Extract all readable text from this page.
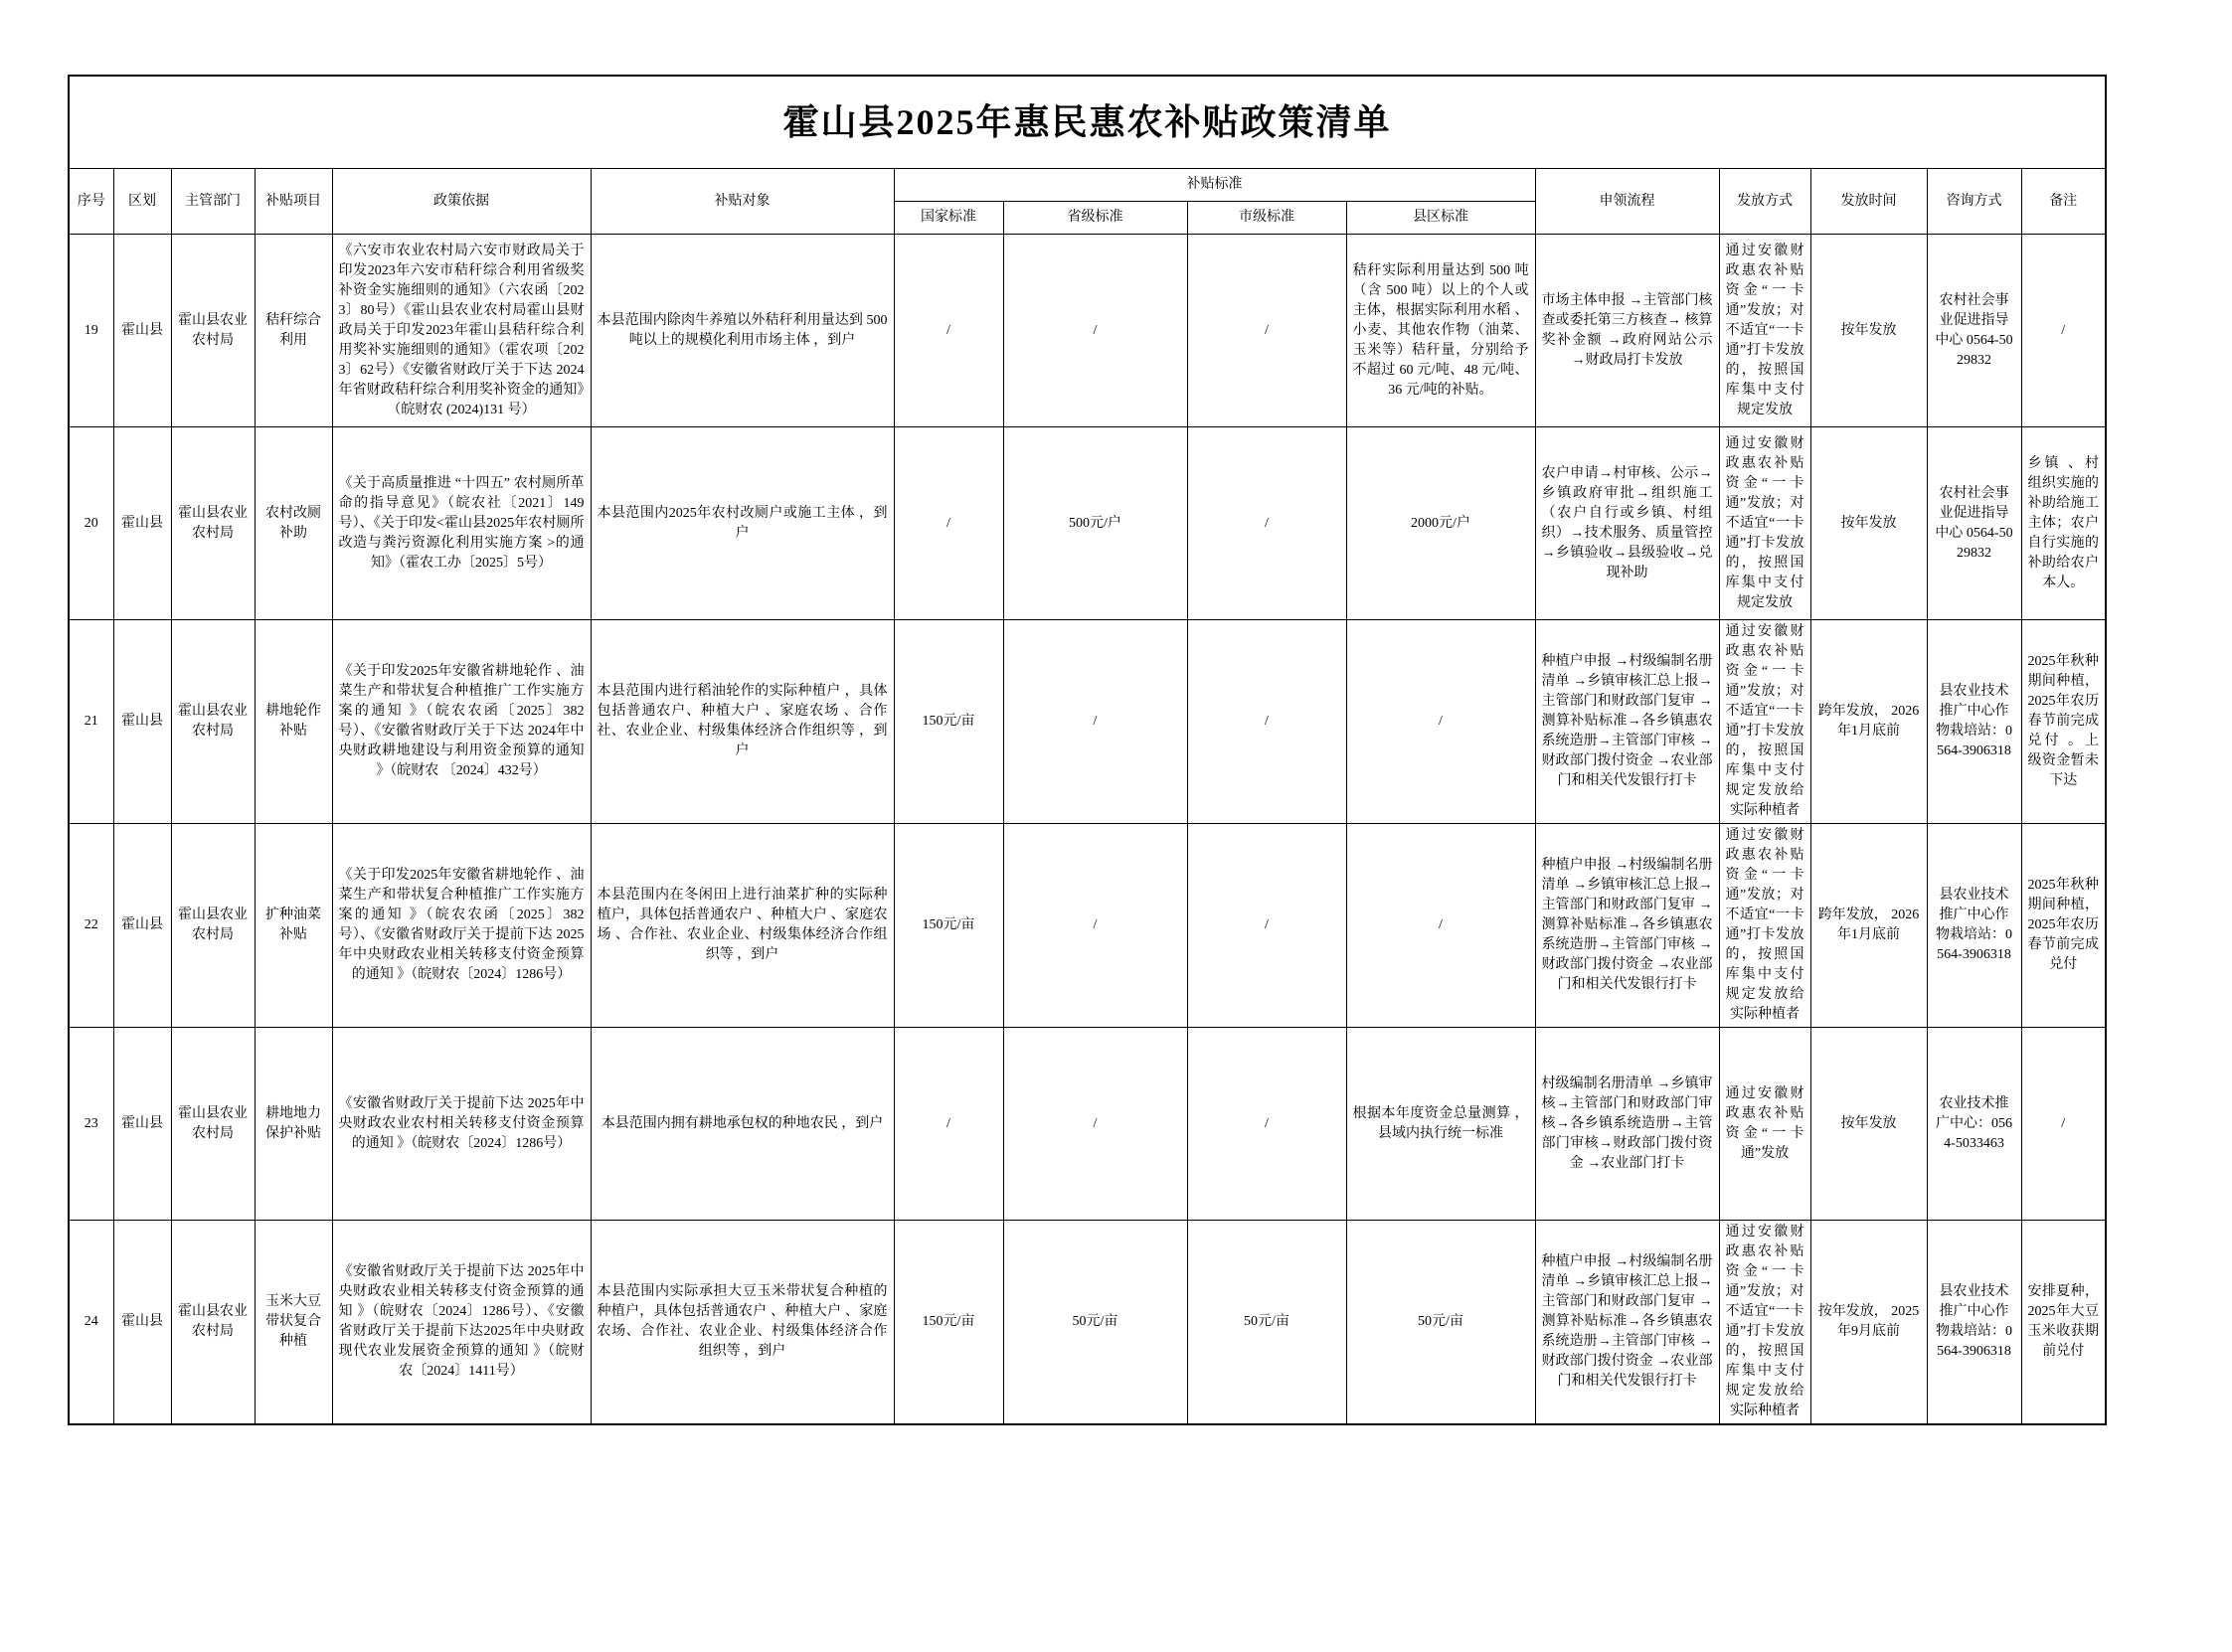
霍山县2025年惠民惠农补贴政策清单														
序号	区划	主管部门	补贴项目	政策依据	补贴对象	补贴标准				申领流程	发放方式	发放时间	咨询方式	备注
						国家标准	省级标准	市级标准	县区标准					
19	霍山县	霍山县农业农村局	秸秆综合利用	《六安市农业农村局六安市财政局关于印发2023年六安市秸秆综合利用省级奖补资金实施细则的通知》（六农函〔2023〕80号）《霍山县农业农村局霍山县财政局关于印发2023年霍山县秸秆综合利用奖补实施细则的通知》（霍农项〔2023〕62号）《安徽省财政厅关于下达 2024年省财政秸秆综合利用奖补资金的通知》（皖财农 (2024)131 号）	本县范围内除肉牛养殖以外秸秆利用量达到 500吨以上的规模化利用市场主体 ，到户	/	/	/	秸秆实际利用量达到 500 吨（含 500 吨）以上的个人或主体，根据实际利用水稻 、小麦、其他农作物（油菜、玉米等）秸秆量，分别给予不超过 60 元/吨、48 元/吨、36 元/吨的补贴。	市场主体申报 →主管部门核查或委托第三方核查→ 核算奖补金额 →政府网站公示 →财政局打卡发放	通过安徽财政惠农补贴资金“一卡通”发放；对不适宜“一卡通”打卡发放的，按照国库集中支付规定发放	按年发放	农村社会事业促进指导中心 0564-5029832	/
20	霍山县	霍山县农业农村局	农村改厕补助	《关于高质量推进 “十四五” 农村厕所革命的指导意见》（皖农社〔2021〕149号）、《关于印发<霍山县2025年农村厕所改造与粪污资源化利用实施方案 >的通知》（霍农工办〔2025〕5号）	本县范围内2025年农村改厕户或施工主体 ，到户	/	500元/户	/	2000元/户	农户申请→村审核、公示→乡镇政府审批→组织施工（农户自行或乡镇、村组织）→技术服务、质量管控→乡镇验收→县级验收→兑现补助	通过安徽财政惠农补贴资金“一卡通”发放；对不适宜“一卡通”打卡发放的，按照国库集中支付规定发放	按年发放	农村社会事业促进指导中心 0564-5029832	乡镇 、村组织实施的补助给施工主体；农户自行实施的补助给农户本人。
21	霍山县	霍山县农业农村局	耕地轮作补贴	《关于印发2025年安徽省耕地轮作 、油菜生产和带状复合种植推广工作实施方案的通知 》（皖农农函〔2025〕382号）、《安徽省财政厅关于下达 2024年中央财政耕地建设与利用资金预算的通知 》（皖财农 〔2024〕432号）	本县范围内进行稻油轮作的实际种植户 ，具体包括普通农户、种植大户 、家庭农场 、合作社、农业企业、村级集体经济合作组织等 ，到户	150元/亩	/	/	/	种植户申报 →村级编制名册清单 →乡镇审核汇总上报→主管部门和财政部门复审 →测算补贴标准→各乡镇惠农系统造册→主管部门审核 →财政部门拨付资金 →农业部门和相关代发银行打卡	通过安徽财政惠农补贴资金“一卡通”发放；对不适宜“一卡通”打卡发放的，按照国库集中支付规定发放给实际种植者	跨年发放， 2026年1月底前	县农业技术推广中心作物栽培站：0564-3906318	2025年秋种期间种植，2025年农历春节前完成兑付 。上级资金暂未下达
22	霍山县	霍山县农业农村局	扩种油菜补贴	《关于印发2025年安徽省耕地轮作 、油菜生产和带状复合种植推广工作实施方案的通知 》（皖农农函〔2025〕382号）、《安徽省财政厅关于提前下达 2025年中央财政农业相关转移支付资金预算的通知 》（皖财农〔2024〕1286号）	本县范围内在冬闲田上进行油菜扩种的实际种植户，具体包括普通农户 、种植大户 、家庭农场 、合作社、农业企业、村级集体经济合作组织等 ，到户	150元/亩	/	/	/	种植户申报 →村级编制名册清单 →乡镇审核汇总上报→主管部门和财政部门复审 →测算补贴标准→各乡镇惠农系统造册→主管部门审核 →财政部门拨付资金 →农业部门和相关代发银行打卡	通过安徽财政惠农补贴资金“一卡通”发放；对不适宜“一卡通”打卡发放的，按照国库集中支付规定发放给实际种植者	跨年发放， 2026年1月底前	县农业技术推广中心作物栽培站：0564-3906318	2025年秋种期间种植，2025年农历春节前完成兑付
23	霍山县	霍山县农业农村局	耕地地力保护补贴	《安徽省财政厅关于提前下达 2025年中央财政农业农村相关转移支付资金预算的通知 》（皖财农〔2024〕1286号）	本县范围内拥有耕地承包权的种地农民 ，到户	/	/	/	根据本年度资金总量测算 ，县域内执行统一标准	村级编制名册清单 →乡镇审核→主管部门和财政部门审核→各乡镇系统造册→主管部门审核→财政部门拨付资金 →农业部门打卡	通过安徽财政惠农补贴资金“一卡通”发放	按年发放	农业技术推广中心：0564-5033463	/
24	霍山县	霍山县农业农村局	玉米大豆带状复合种植	《安徽省财政厅关于提前下达 2025年中央财政农业相关转移支付资金预算的通知 》（皖财农〔2024〕1286号）、《安徽省财政厅关于提前下达2025年中央财政现代农业发展资金预算的通知 》（皖财农〔2024〕1411号）	本县范围内实际承担大豆玉米带状复合种植的种植户，具体包括普通农户 、种植大户 、家庭农场、合作社、农业企业、村级集体经济合作组织等 ，到户	150元/亩	50元/亩	50元/亩	50元/亩	种植户申报 →村级编制名册清单 →乡镇审核汇总上报→主管部门和财政部门复审 →测算补贴标准→各乡镇惠农系统造册→主管部门审核 →财政部门拨付资金 →农业部门和相关代发银行打卡	通过安徽财政惠农补贴资金“一卡通”发放；对不适宜“一卡通”打卡发放的，按照国库集中支付规定发放给实际种植者	按年发放， 2025年9月底前	县农业技术推广中心作物栽培站：0564-3906318	安排夏种， 2025年大豆玉米收获期前兑付
